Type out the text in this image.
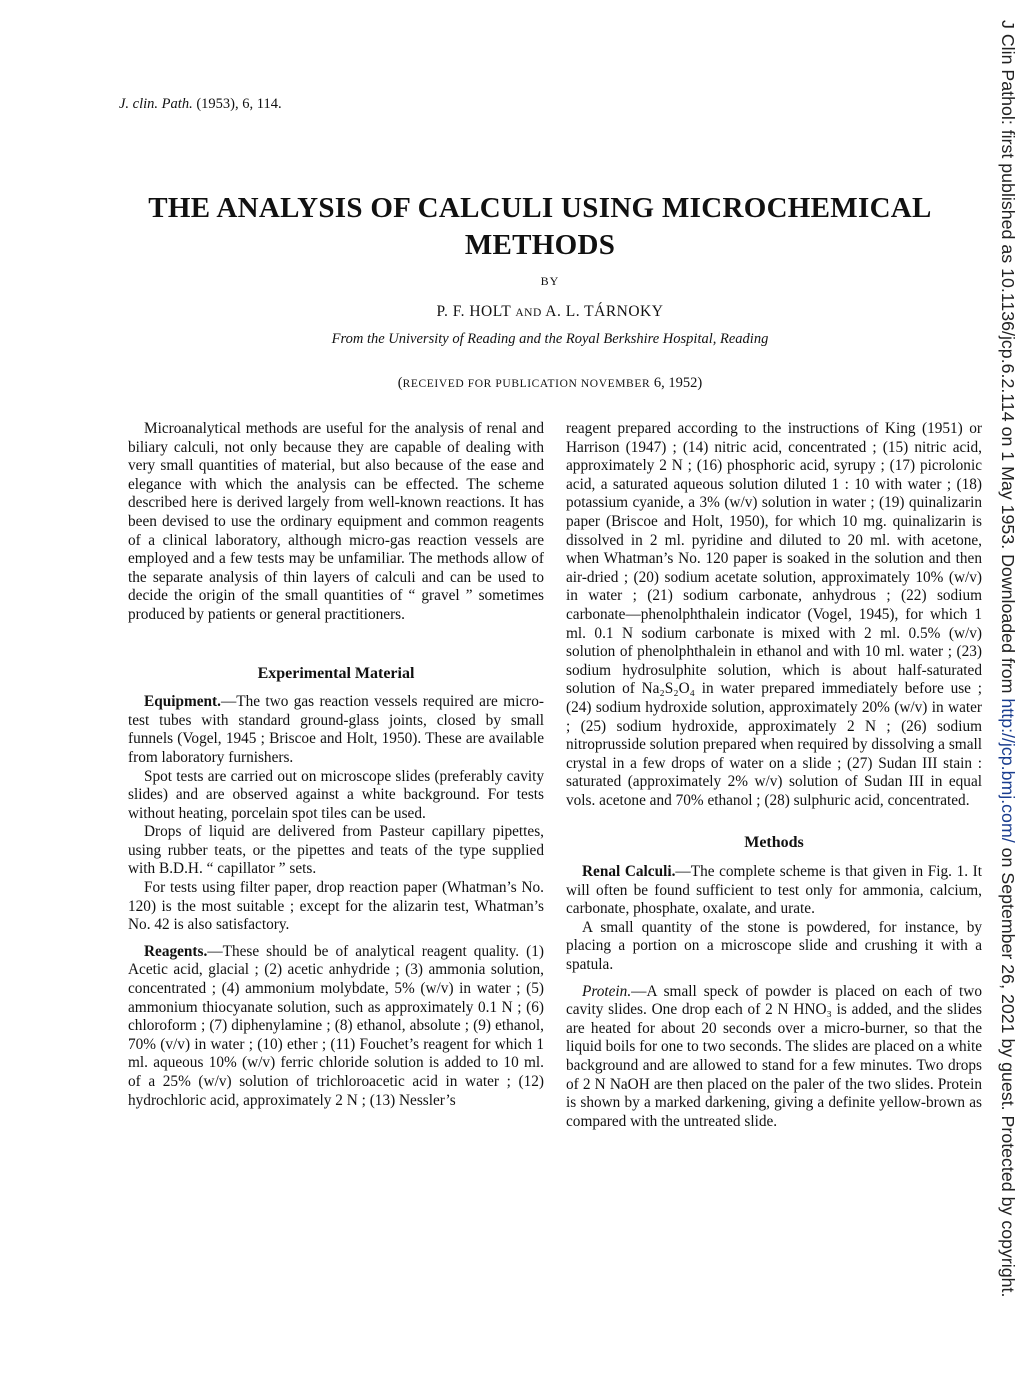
J. clin. Path. (1953), 6, 114.
THE ANALYSIS OF CALCULI USING MICROCHEMICAL
METHODS
BY
P. F. HOLT AND A. L. TÁRNOKY
From the University of Reading and the Royal Berkshire Hospital, Reading
(RECEIVED FOR PUBLICATION NOVEMBER 6, 1952)

Microanalytical methods are useful for the analysis of renal and biliary calculi, not only because they are capable of dealing with very small quantities of material, but also because of the ease and elegance with which the analysis can be effected. The scheme described here is derived largely from well-known reactions. It has been devised to use the ordinary equipment and common reagents of a clinical laboratory, although micro-gas reaction vessels are employed and a few tests may be unfamiliar. The methods allow of the separate analysis of thin layers of calculi and can be used to decide the origin of the small quantities of “ gravel ” sometimes produced by patients or general practitioners.

Experimental Material

Equipment.—The two gas reaction vessels required are micro-test tubes with standard ground-glass joints, closed by small funnels (Vogel, 1945 ; Briscoe and Holt, 1950). These are available from laboratory furnishers.

Spot tests are carried out on microscope slides (preferably cavity slides) and are observed against a white background. For tests without heating, porcelain spot tiles can be used.

Drops of liquid are delivered from Pasteur capillary pipettes, using rubber teats, or the pipettes and teats of the type supplied with B.D.H. “ capillator ” sets.

For tests using filter paper, drop reaction paper (Whatman’s No. 120) is the most suitable ; except for the alizarin test, Whatman’s No. 42 is also satisfactory.

Reagents.—These should be of analytical reagent quality. (1) Acetic acid, glacial ; (2) acetic anhydride ; (3) ammonia solution, concentrated ; (4) ammonium molybdate, 5% (w/v) in water ; (5) ammonium thiocyanate solution, such as approximately 0.1 N ; (6) chloroform ; (7) diphenylamine ; (8) ethanol, absolute ; (9) ethanol, 70% (v/v) in water ; (10) ether ; (11) Fouchet’s reagent for which 1 ml. aqueous 10% (w/v) ferric chloride solution is added to 10 ml. of a 25% (w/v) solution of trichloroacetic acid in water ; (12) hydrochloric acid, approximately 2 N ; (13) Nessler’s

reagent prepared according to the instructions of King (1951) or Harrison (1947) ; (14) nitric acid, concentrated ; (15) nitric acid, approximately 2 N ; (16) phosphoric acid, syrupy ; (17) picrolonic acid, a saturated aqueous solution diluted 1 : 10 with water ; (18) potassium cyanide, a 3% (w/v) solution in water ; (19) quinalizarin paper (Briscoe and Holt, 1950), for which 10 mg. quinalizarin is dissolved in 2 ml. pyridine and diluted to 20 ml. with acetone, when Whatman’s No. 120 paper is soaked in the solution and then air-dried ; (20) sodium acetate solution, approximately 10% (w/v) in water ; (21) sodium carbonate, anhydrous ; (22) sodium carbonate—phenolphthalein indicator (Vogel, 1945), for which 1 ml. 0.1 N sodium carbonate is mixed with 2 ml. 0.5% (w/v) solution of phenolphthalein in ethanol and with 10 ml. water ; (23) sodium hydrosulphite solution, which is about half-saturated solution of Na₂S₂O₄ in water prepared immediately before use ; (24) sodium hydroxide solution, approximately 20% (w/v) in water ; (25) sodium hydroxide, approximately 2 N ; (26) sodium nitroprusside solution prepared when required by dissolving a small crystal in a few drops of water on a slide ; (27) Sudan III stain : saturated (approximately 2% w/v) solution of Sudan III in equal vols. acetone and 70% ethanol ; (28) sulphuric acid, concentrated.

Methods

Renal Calculi.—The complete scheme is that given in Fig. 1. It will often be found sufficient to test only for ammonia, calcium, carbonate, phosphate, oxalate, and urate.

A small quantity of the stone is powdered, for instance, by placing a portion on a microscope slide and crushing it with a spatula.

Protein.—A small speck of powder is placed on each of two cavity slides. One drop each of 2 N HNO₃ is added, and the slides are heated for about 20 seconds over a micro-burner, so that the liquid boils for one to two seconds. The slides are placed on a white background and are allowed to stand for a few minutes. Two drops of 2 N NaOH are then placed on the paler of the two slides. Protein is shown by a marked darkening, giving a definite yellow-brown as compared with the untreated slide.

J Clin Pathol: first published as 10.1136/jcp.6.2.114 on 1 May 1953. Downloaded from http://jcp.bmj.com/ on September 26, 2021 by guest. Protected by copyright.
